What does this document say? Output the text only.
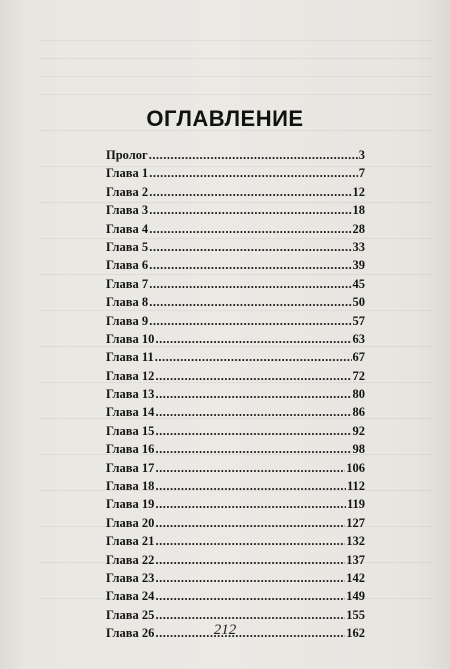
ОГЛАВЛЕНИЕ
Пролог .....	3
Глава 1 .....	7
Глава 2 .....	12
Глава 3 .....	18
Глава 4 .....	28
Глава 5 .....	33
Глава 6 .....	39
Глава 7 .....	45
Глава 8 .....	50
Глава 9 .....	57
Глава 10 .....	63
Глава 11 .....	67
Глава 12 .....	72
Глава 13 .....	80
Глава 14 .....	86
Глава 15 .....	92
Глава 16 .....	98
Глава 17 .....	106
Глава 18 .....	112
Глава 19 .....	119
Глава 20 .....	127
Глава 21 .....	132
Глава 22 .....	137
Глава 23 .....	142
Глава 24 .....	149
Глава 25 .....	155
Глава 26 .....	162
212
